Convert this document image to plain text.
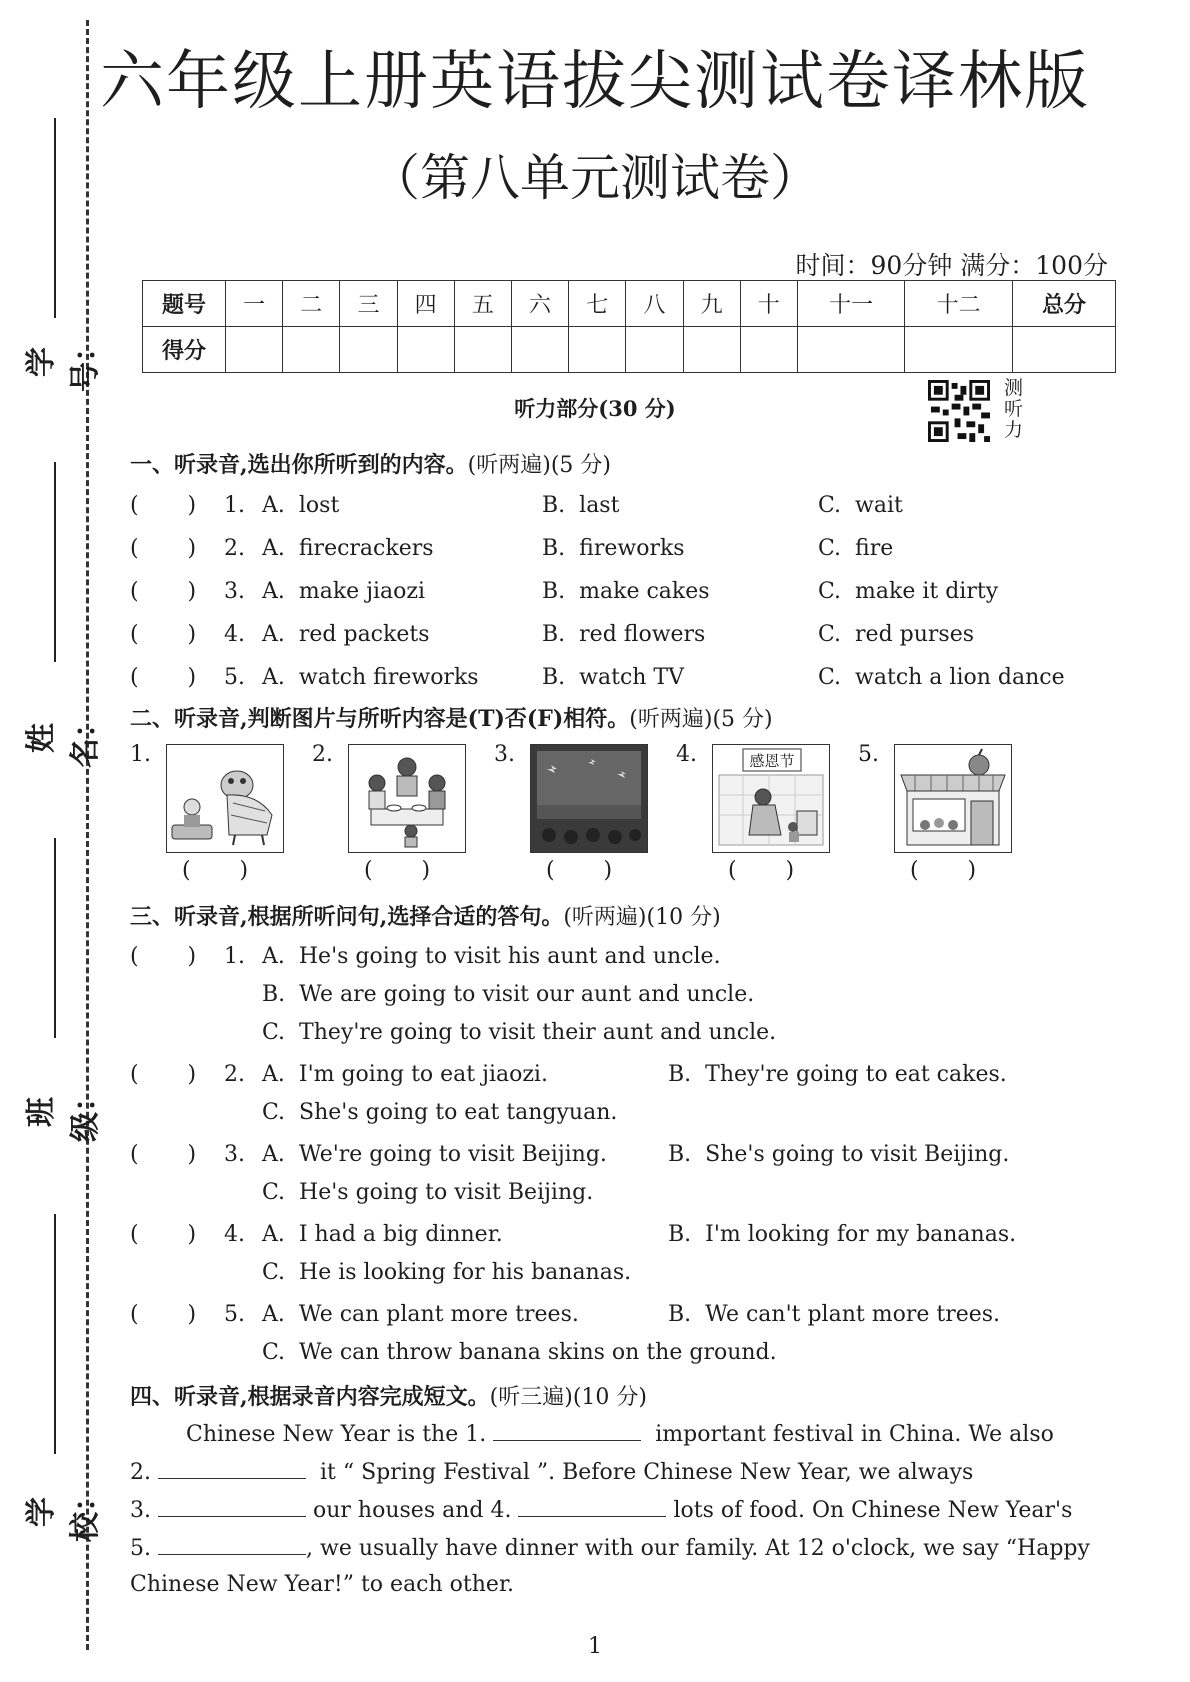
学号：
姓名：
班级：
学校：
六年级上册英语拔尖测试卷译林版
（第八单元测试卷）
时间：90分钟 满分：100分
题号	一	二	三	四	五	六	七	八	九	十	十一	十二	总分
得分													
听力部分(30 分)
测听力
一、听录音,选出你所听到的内容。(听两遍)(5 分)
(       ) 1. A.  lost	B.  last	C.  wait
(       ) 2. A.  firecrackers	B.  fireworks	C.  fire
(       ) 3. A.  make jiaozi	B.  make cakes	C.  make it dirty
(       ) 4. A.  red packets	B.  red flowers	C.  red purses
(       ) 5. A.  watch fireworks	B.  watch TV	C.  watch a lion dance
二、听录音,判断图片与所听内容是(T)否(F)相符。(听两遍)(5 分)
1.
(       )
2.
(       )
3.
(       )
4.	感恩节
(       )
5.
(       )
三、听录音,根据所听问句,选择合适的答句。(听两遍)(10 分)
(       ) 1. A.  He's going to visit his aunt and uncle.
B.  We are going to visit our aunt and uncle.
C.  They're going to visit their aunt and uncle.
(       ) 2. A.  I'm going to eat jiaozi.	B.  They're going to eat cakes.
C.  She's going to eat tangyuan.
(       ) 3. A.  We're going to visit Beijing.	B.  She's going to visit Beijing.
C.  He's going to visit Beijing.
(       ) 4. A.  I had a big dinner.	B.  I'm looking for my bananas.
C.  He is looking for his bananas.
(       ) 5. A.  We can plant more trees.	B.  We can't plant more trees.
C.  We can throw banana skins on the ground.
四、听录音,根据录音内容完成短文。(听三遍)(10 分)
Chinese New Year is the 1.	important festival in China. We also
2.	it “ Spring Festival ”. Before Chinese New Year, we always
3.	our houses and 4.	lots of food. On Chinese New Year's
5.	, we usually have dinner with our family. At 12 o'clock, we say “Happy
Chinese New Year!” to each other.
1
